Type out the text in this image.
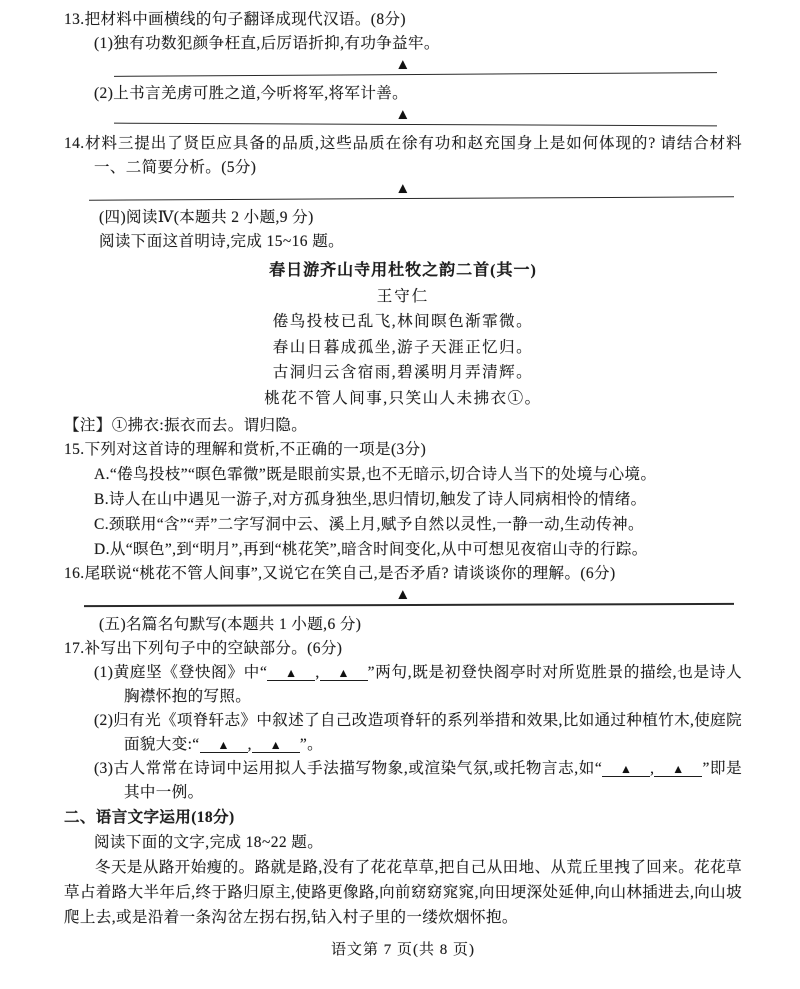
13.把材料中画横线的句子翻译成现代汉语。(8分)
(1)独有功数犯颜争枉直,后厉语折抑,有功争益牢。
▲
(2)上书言羌虏可胜之道,今听将军,将军计善。
▲
14.材料三提出了贤臣应具备的品质,这些品质在徐有功和赵充国身上是如何体现的? 请结合材料一、二简要分析。(5分)
▲
(四)阅读Ⅳ(本题共 2 小题,9 分)
阅读下面这首明诗,完成 15~16 题。
春日游齐山寺用杜牧之韵二首(其一)
王守仁
倦鸟投枝已乱飞,林间暝色渐霏微。
春山日暮成孤坐,游子天涯正忆归。
古洞归云含宿雨,碧溪明月弄清辉。
桃花不管人间事,只笑山人未拂衣①。
【注】①拂衣:振衣而去。谓归隐。
15.下列对这首诗的理解和赏析,不正确的一项是(3分)
A.“倦鸟投枝”“暝色霏微”既是眼前实景,也不无暗示,切合诗人当下的处境与心境。
B.诗人在山中遇见一游子,对方孤身独坐,思归情切,触发了诗人同病相怜的情绪。
C.颈联用“含”“弄”二字写洞中云、溪上月,赋予自然以灵性,一静一动,生动传神。
D.从“暝色”,到“明月”,再到“桃花笑”,暗含时间变化,从中可想见夜宿山寺的行踪。
16.尾联说“桃花不管人间事”,又说它在笑自己,是否矛盾? 请谈谈你的理解。(6分)
▲
(五)名篇名句默写(本题共 1 小题,6 分)
17.补写出下列句子中的空缺部分。(6分)
(1)黄庭坚《登快阁》中“ ▲ , ▲ ”两句,既是初登快阁亭时对所览胜景的描绘,也是诗人胸襟怀抱的写照。
(2)归有光《项脊轩志》中叙述了自己改造项脊轩的系列举措和效果,比如通过种植竹木,使庭院面貌大变:“ ▲ , ▲ ”。
(3)古人常常在诗词中运用拟人手法描写物象,或渲染气氛,或托物言志,如“ ▲ , ▲ ”即是其中一例。
二、语言文字运用(18分)
阅读下面的文字,完成 18~22 题。
冬天是从路开始瘦的。路就是路,没有了花花草草,把自己从田地、从荒丘里拽了回来。花花草草占着路大半年后,终于路归原主,使路更像路,向前窈窈窕窕,向田埂深处延伸,向山林插进去,向山坡爬上去,或是沿着一条沟岔左拐右拐,钻入村子里的一缕炊烟怀抱。
语文第 7 页(共 8 页)
